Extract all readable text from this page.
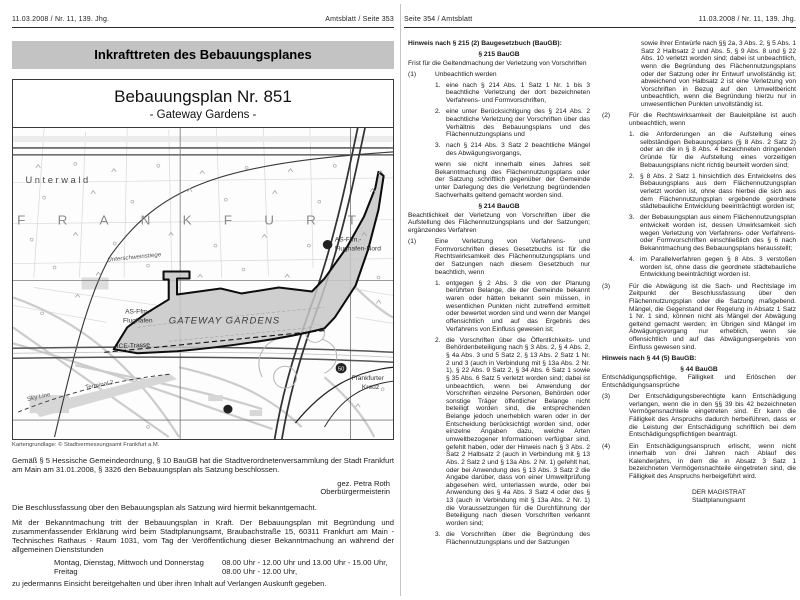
11.03.2008 / Nr. 11, 139. Jhg.	Amtsblatt / Seite 353
Inkrafttreten des Bebauungsplanes
Bebauungsplan Nr. 851
- Gateway Gardens -
50
Unterwald
FRANKFURT
Unterschweinstiege
AS-Ffm.-
Flughafen-Nord
AS-Ffm.-
Flughafen GATEWAY GARDENS
ICE-Trasse
Sky Line
Terminal 2
Frankfurter
Kreuz
Kartengrundlage: © Stadtvermessungsamt Frankfurt a.M.
Gemäß § 5 Hessische Gemeindeordnung, § 10 BauGB hat die Stadtverordnetenversammlung der Stadt Frankfurt am Main am 31.01.2008, § 3326 den Bebauungsplan als Satzung beschlossen.
gez. Petra Roth
Oberbürgermeisterin
Die Beschlussfassung über den Bebauungsplan als Satzung wird hiermit bekanntgemacht.
Mit der Bekanntmachung tritt der Bebauungsplan in Kraft. Der Bebauungsplan mit Begründung und zusammenfassender Erklärung wird beim Stadtplanungsamt, Braubachstraße 15, 60311 Frankfurt am Main - Technisches Rathaus - Raum 1031, vom Tag der Veröffentlichung dieser Bekanntmachung an während der allgemeinen Dienststunden
Montag, Dienstag, Mittwoch und Donnerstag	08.00 Uhr - 12.00 Uhr und 13.00 Uhr - 15.00 Uhr,
Freitag	08.00 Uhr - 12.00 Uhr,
zu jedermanns Einsicht bereitgehalten und über ihren Inhalt auf Verlangen Auskunft gegeben.
Seite 354 / Amtsblatt	11.03.2008 / Nr. 11, 139. Jhg.
Hinweis nach § 215 (2) Baugesetzbuch (BauGB):
§ 215 BauGB
Frist für die Geltendmachung der Verletzung von Vorschriften
(1)	Unbeachtlich werden
1. eine nach § 214 Abs. 1 Satz 1 Nr. 1 bis 3 beachtliche Verletzung der dort bezeichneten Verfahrens- und Formvorschriften,
2. eine unter Berücksichtigung des § 214 Abs. 2 beachtliche Verletzung der Vorschriften über das Verhältnis des Bebauungsplans und des Flächennutzungsplans und
3. nach § 214 Abs. 3 Satz 2 beachtliche Mängel des Abwägungsvorgangs,
wenn sie nicht innerhalb eines Jahres seit Bekanntmachung des Flächennutzungsplans oder der Satzung schriftlich gegenüber der Gemeinde unter Darlegung des die Verletzung begründenden Sachverhalts geltend gemacht worden sind.
§ 214 BauGB
Beachtlichkeit der Verletzung von Vorschriften über die Aufstellung des Flächennutzungsplans und der Satzungen; ergänzendes Verfahren
(1)	Eine Verletzung von Verfahrens- und Formvorschriften dieses Gesetzbuchs ist für die Rechtswirksamkeit des Flächennutzungsplans und der Satzungen nach diesem Gesetzbuch nur beachtlich, wenn
1. entgegen § 2 Abs. 3 die von der Planung berührten Belange, die der Gemeinde bekannt waren oder hätten bekannt sein müssen, in wesentlichen Punkten nicht zutreffend ermittelt oder bewertet worden sind und wenn der Mangel offensichtlich und auf das Ergebnis des Verfahrens von Einfluss gewesen ist;
2. die Vorschriften über die Öffentlichkeits- und Behördenbeteiligung nach § 3 Abs. 2, § 4 Abs. 2, § 4a Abs. 3 und 5 Satz 2, § 13 Abs. 2 Satz 1 Nr. 2 und 3 (auch in Verbindung mit § 13a Abs. 2 Nr. 1), § 22 Abs. 9 Satz 2, § 34 Abs. 6 Satz 1 sowie § 35 Abs. 6 Satz 5 verletzt worden sind; dabei ist unbeachtlich, wenn bei Anwendung der Vorschriften einzelne Personen, Behörden oder sonstige Träger öffentlicher Belange nicht beteiligt worden sind, die entsprechenden Belange jedoch unerheblich waren oder in der Entscheidung berücksichtigt worden sind, oder einzelne Angaben dazu, welche Arten umweltbezogener Informationen verfügbar sind, gefehlt haben, oder der Hinweis nach § 3 Abs. 2 Satz 2 Halbsatz 2 (auch in Verbindung mit § 13 Abs. 2 Satz 2 und § 13a Abs. 2 Nr. 1) gefehlt hat, oder bei Anwendung des § 13 Abs. 3 Satz 2 die Angabe darüber, dass von einer Umweltprüfung abgesehen wird, unterlassen wurde, oder bei Anwendung des § 4a Abs. 3 Satz 4 oder des § 13 (auch in Verbindung mit § 13a Abs. 2 Nr. 1) die Voraussetzungen für die Durchführung der Beteiligung nach diesen Vorschriften verkannt worden sind;
3. die Vorschriften über die Begründung des Flächennutzungsplans und der Satzungen
sowie ihrer Entwürfe nach §§ 2a, 3 Abs. 2, § 5 Abs. 1 Satz 2 Halbsatz 2 und Abs. 5, § 9 Abs. 8 und § 22 Abs. 10 verletzt worden sind; dabei ist unbeachtlich, wenn die Begründung des Flächennutzungsplans oder der Satzung oder ihr Entwurf unvollständig ist; abweichend von Halbsatz 2 ist eine Verletzung von Vorschriften in Bezug auf den Umweltbericht unbeachtlich, wenn die Begründung hierzu nur in unwesentlichen Punkten unvollständig ist.
(2)	Für die Rechtswirksamkeit der Bauleitpläne ist auch unbeachtlich, wenn
1. die Anforderungen an die Aufstellung eines selbständigen Bebauungsplans (§ 8 Abs. 2 Satz 2) oder an die in § 8 Abs. 4 bezeichneten dringenden Gründe für die Aufstellung eines vorzeitigen Bebauungsplans nicht richtig beurteilt worden sind;
2. § 8 Abs. 2 Satz 1 hinsichtlich des Entwickelns des Bebauungsplans aus dem Flächennutzungsplan verletzt worden ist, ohne dass hierbei die sich aus dem Flächennutzungsplan ergebende geordnete städtebauliche Entwicklung beeinträchtigt worden ist;
3. der Bebauungsplan aus einem Flächennutzungsplan entwickelt worden ist, dessen Unwirksamkeit sich wegen Verletzung von Verfahrens- oder Verfahrens- oder Formvorschriften einschließlich des § 6 nach Bekanntmachung des Bebauungsplans herausstellt;
4. im Parallelverfahren gegen § 8 Abs. 3 verstoßen worden ist, ohne dass die geordnete städtebauliche Entwicklung beeinträchtigt worden ist.
(3)	Für die Abwägung ist die Sach- und Rechtslage im Zeitpunkt der Beschlussfassung über den Flächennutzungsplan oder die Satzung maßgebend. Mängel, die Gegenstand der Regelung in Absatz 1 Satz 1 Nr. 1 sind, können nicht als Mängel der Abwägung geltend gemacht werden; im Übrigen sind Mängel im Abwägungsvorgang nur erheblich, wenn sie offensichtlich und auf das Abwägungsergebnis von Einfluss gewesen sind.
Hinweis nach § 44 (5) BauGB:
§ 44 BauGB
Entschädigungspflichtige, Fälligkeit und Erlöschen der Entschädigungsansprüche
(3)	Der Entschädigungsberechtigte kann Entschädigung verlangen, wenn die in den §§ 39 bis 42 bezeichneten Vermögensnachteile eingetreten sind. Er kann die Fälligkeit des Anspruchs dadurch herbeiführen, dass er die Leistung der Entschädigung schriftlich bei dem Entschädigungspflichtigen beantragt.
(4)	Ein Entschädigungsanspruch erlischt, wenn nicht innerhalb von drei Jahren nach Ablauf des Kalenderjahrs, in dem die in Absatz 3 Satz 1 bezeichneten Vermögensnachteile eingetreten sind, die Fälligkeit des Anspruchs herbeigeführt wird.
DER MAGISTRAT
Stadtplanungsamt
